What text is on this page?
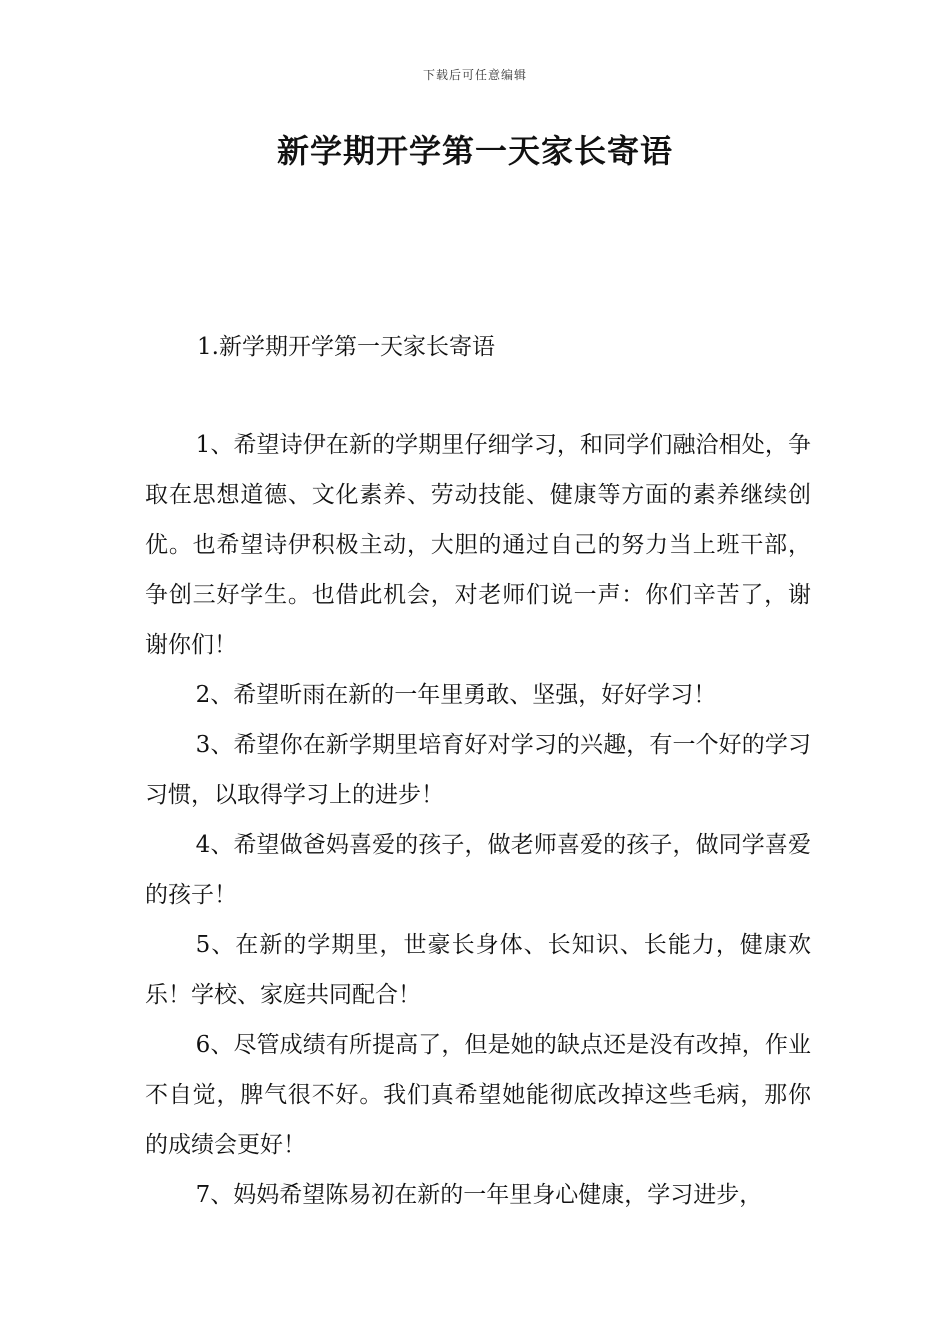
下载后可任意编辑
新学期开学第一天家长寄语

1.新学期开学第一天家长寄语

1、希望诗伊在新的学期里仔细学习，和同学们融洽相处，争取在思想道德、文化素养、劳动技能、健康等方面的素养继续创优。也希望诗伊积极主动，大胆的通过自己的努力当上班干部，争创三好学生。也借此机会，对老师们说一声：你们辛苦了，谢谢你们！

2、希望昕雨在新的一年里勇敢、坚强，好好学习！

3、希望你在新学期里培育好对学习的兴趣，有一个好的学习习惯，以取得学习上的进步！

4、希望做爸妈喜爱的孩子，做老师喜爱的孩子，做同学喜爱的孩子！

5、在新的学期里，世豪长身体、长知识、长能力，健康欢乐！学校、家庭共同配合！

6、尽管成绩有所提高了，但是她的缺点还是没有改掉，作业不自觉，脾气很不好。我们真希望她能彻底改掉这些毛病，那你的成绩会更好！

7、妈妈希望陈易初在新的一年里身心健康，学习进步，
